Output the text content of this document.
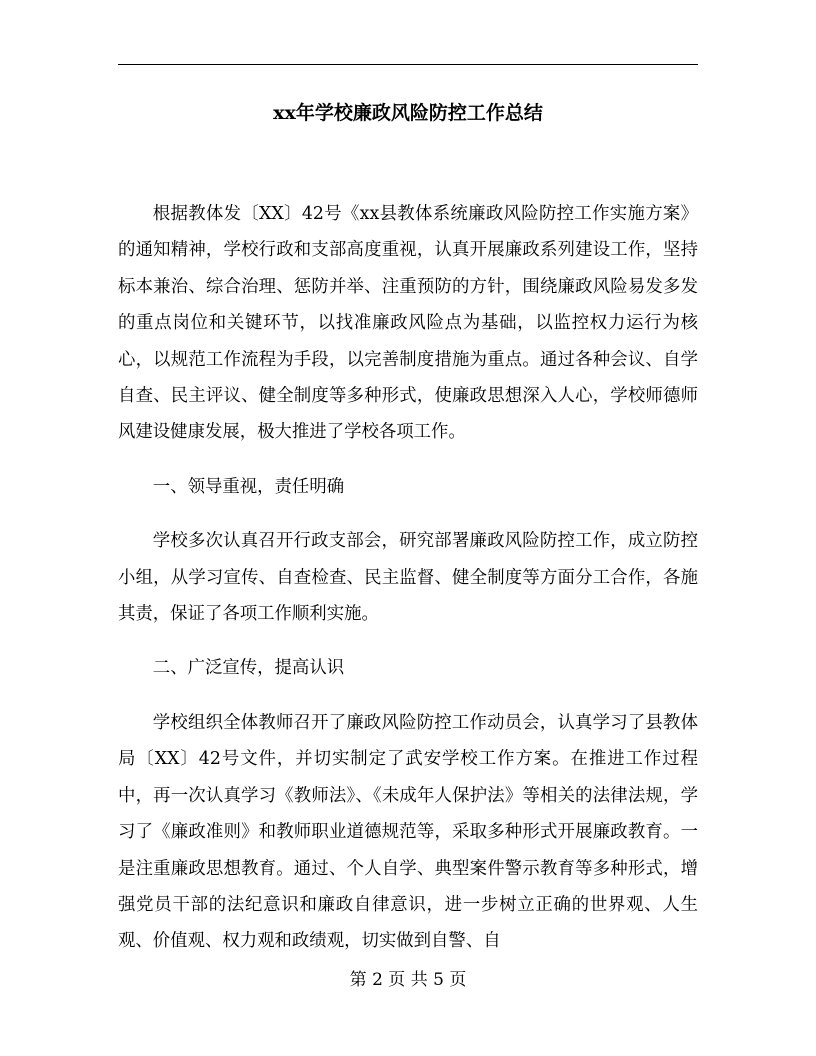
xx年学校廉政风险防控工作总结

根据教体发〔XX〕42号《xx县教体系统廉政风险防控工作实施方案》的通知精神，学校行政和支部高度重视，认真开展廉政系列建设工作，坚持标本兼治、综合治理、惩防并举、注重预防的方针，围绕廉政风险易发多发的重点岗位和关键环节，以找准廉政风险点为基础，以监控权力运行为核心，以规范工作流程为手段，以完善制度措施为重点。通过各种会议、自学自查、民主评议、健全制度等多种形式，使廉政思想深入人心，学校师德师风建设健康发展，极大推进了学校各项工作。

一、领导重视，责任明确

学校多次认真召开行政支部会，研究部署廉政风险防控工作，成立防控小组，从学习宣传、自查检查、民主监督、健全制度等方面分工合作，各施其责，保证了各项工作顺利实施。

二、广泛宣传，提高认识

学校组织全体教师召开了廉政风险防控工作动员会，认真学习了县教体局〔XX〕42号文件，并切实制定了武安学校工作方案。在推进工作过程中，再一次认真学习《教师法》、《未成年人保护法》等相关的法律法规，学习了《廉政准则》和教师职业道德规范等，采取多种形式开展廉政教育。一是注重廉政思想教育。通过、个人自学、典型案件警示教育等多种形式，增强党员干部的法纪意识和廉政自律意识，进一步树立正确的世界观、人生观、价值观、权力观和政绩观，切实做到自警、自

第 2 页 共 5 页
